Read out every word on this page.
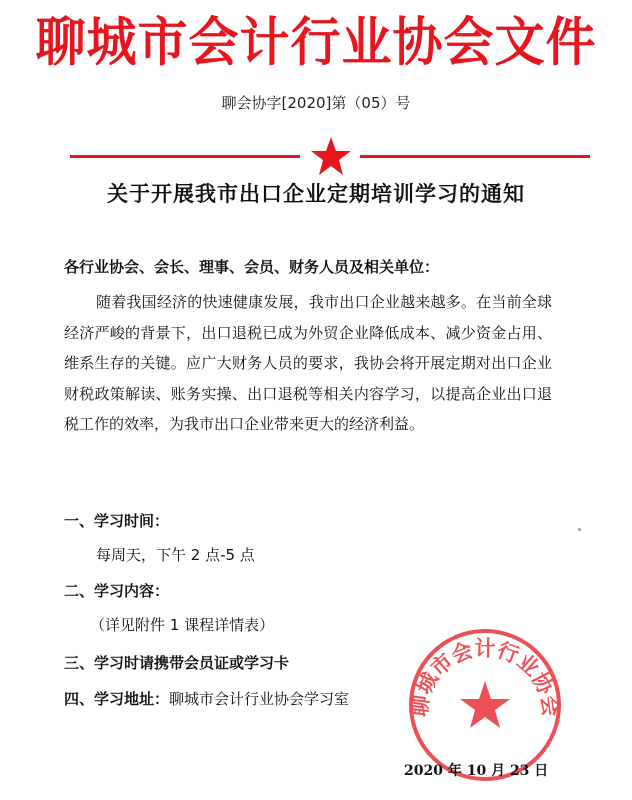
聊城市会计行业协会文件
聊会协字[2020]第（05）号
关于开展我市出口企业定期培训学习的通知
各行业协会、会长、理事、会员、财务人员及相关单位：
随着我国经济的快速健康发展，我市出口企业越来越多。在当前全球经济严峻的背景下，出口退税已成为外贸企业降低成本、减少资金占用、维系生存的关键。应广大财务人员的要求，我协会将开展定期对出口企业财税政策解读、账务实操、出口退税等相关内容学习，以提高企业出口退税工作的效率，为我市出口企业带来更大的经济利益。
一、学习时间：
每周天，下午 2 点-5 点
二、学习内容：
（详见附件 1 课程详情表）
三、学习时请携带会员证或学习卡
四、学习地址：聊城市会计行业协会学习室	聊城市会计行业协会
2020 年 10 月 23 日
